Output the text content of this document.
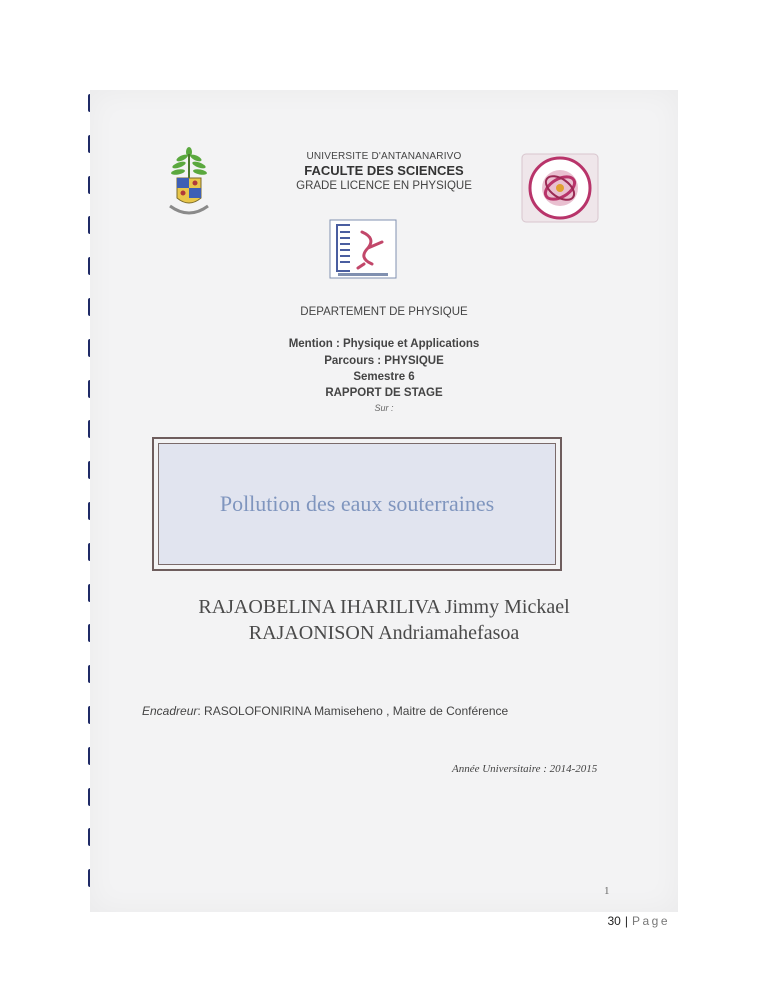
UNIVERSITE D'ANTANANARIVO
FACULTE DES SCIENCES
GRADE LICENCE EN PHYSIQUE
DEPARTEMENT DE PHYSIQUE
Mention : Physique et Applications
Parcours : PHYSIQUE
Semestre 6
RAPPORT DE STAGE
Sur :
Pollution des eaux souterraines
RAJAOBELINA IHARILIVA Jimmy Mickael
RAJAONISON Andriamahefasoa
Encadreur: RASOLOFONIRINA Mamiseheno , Maitre de Conférence
Année Universitaire : 2014-2015
1
30 | Page
